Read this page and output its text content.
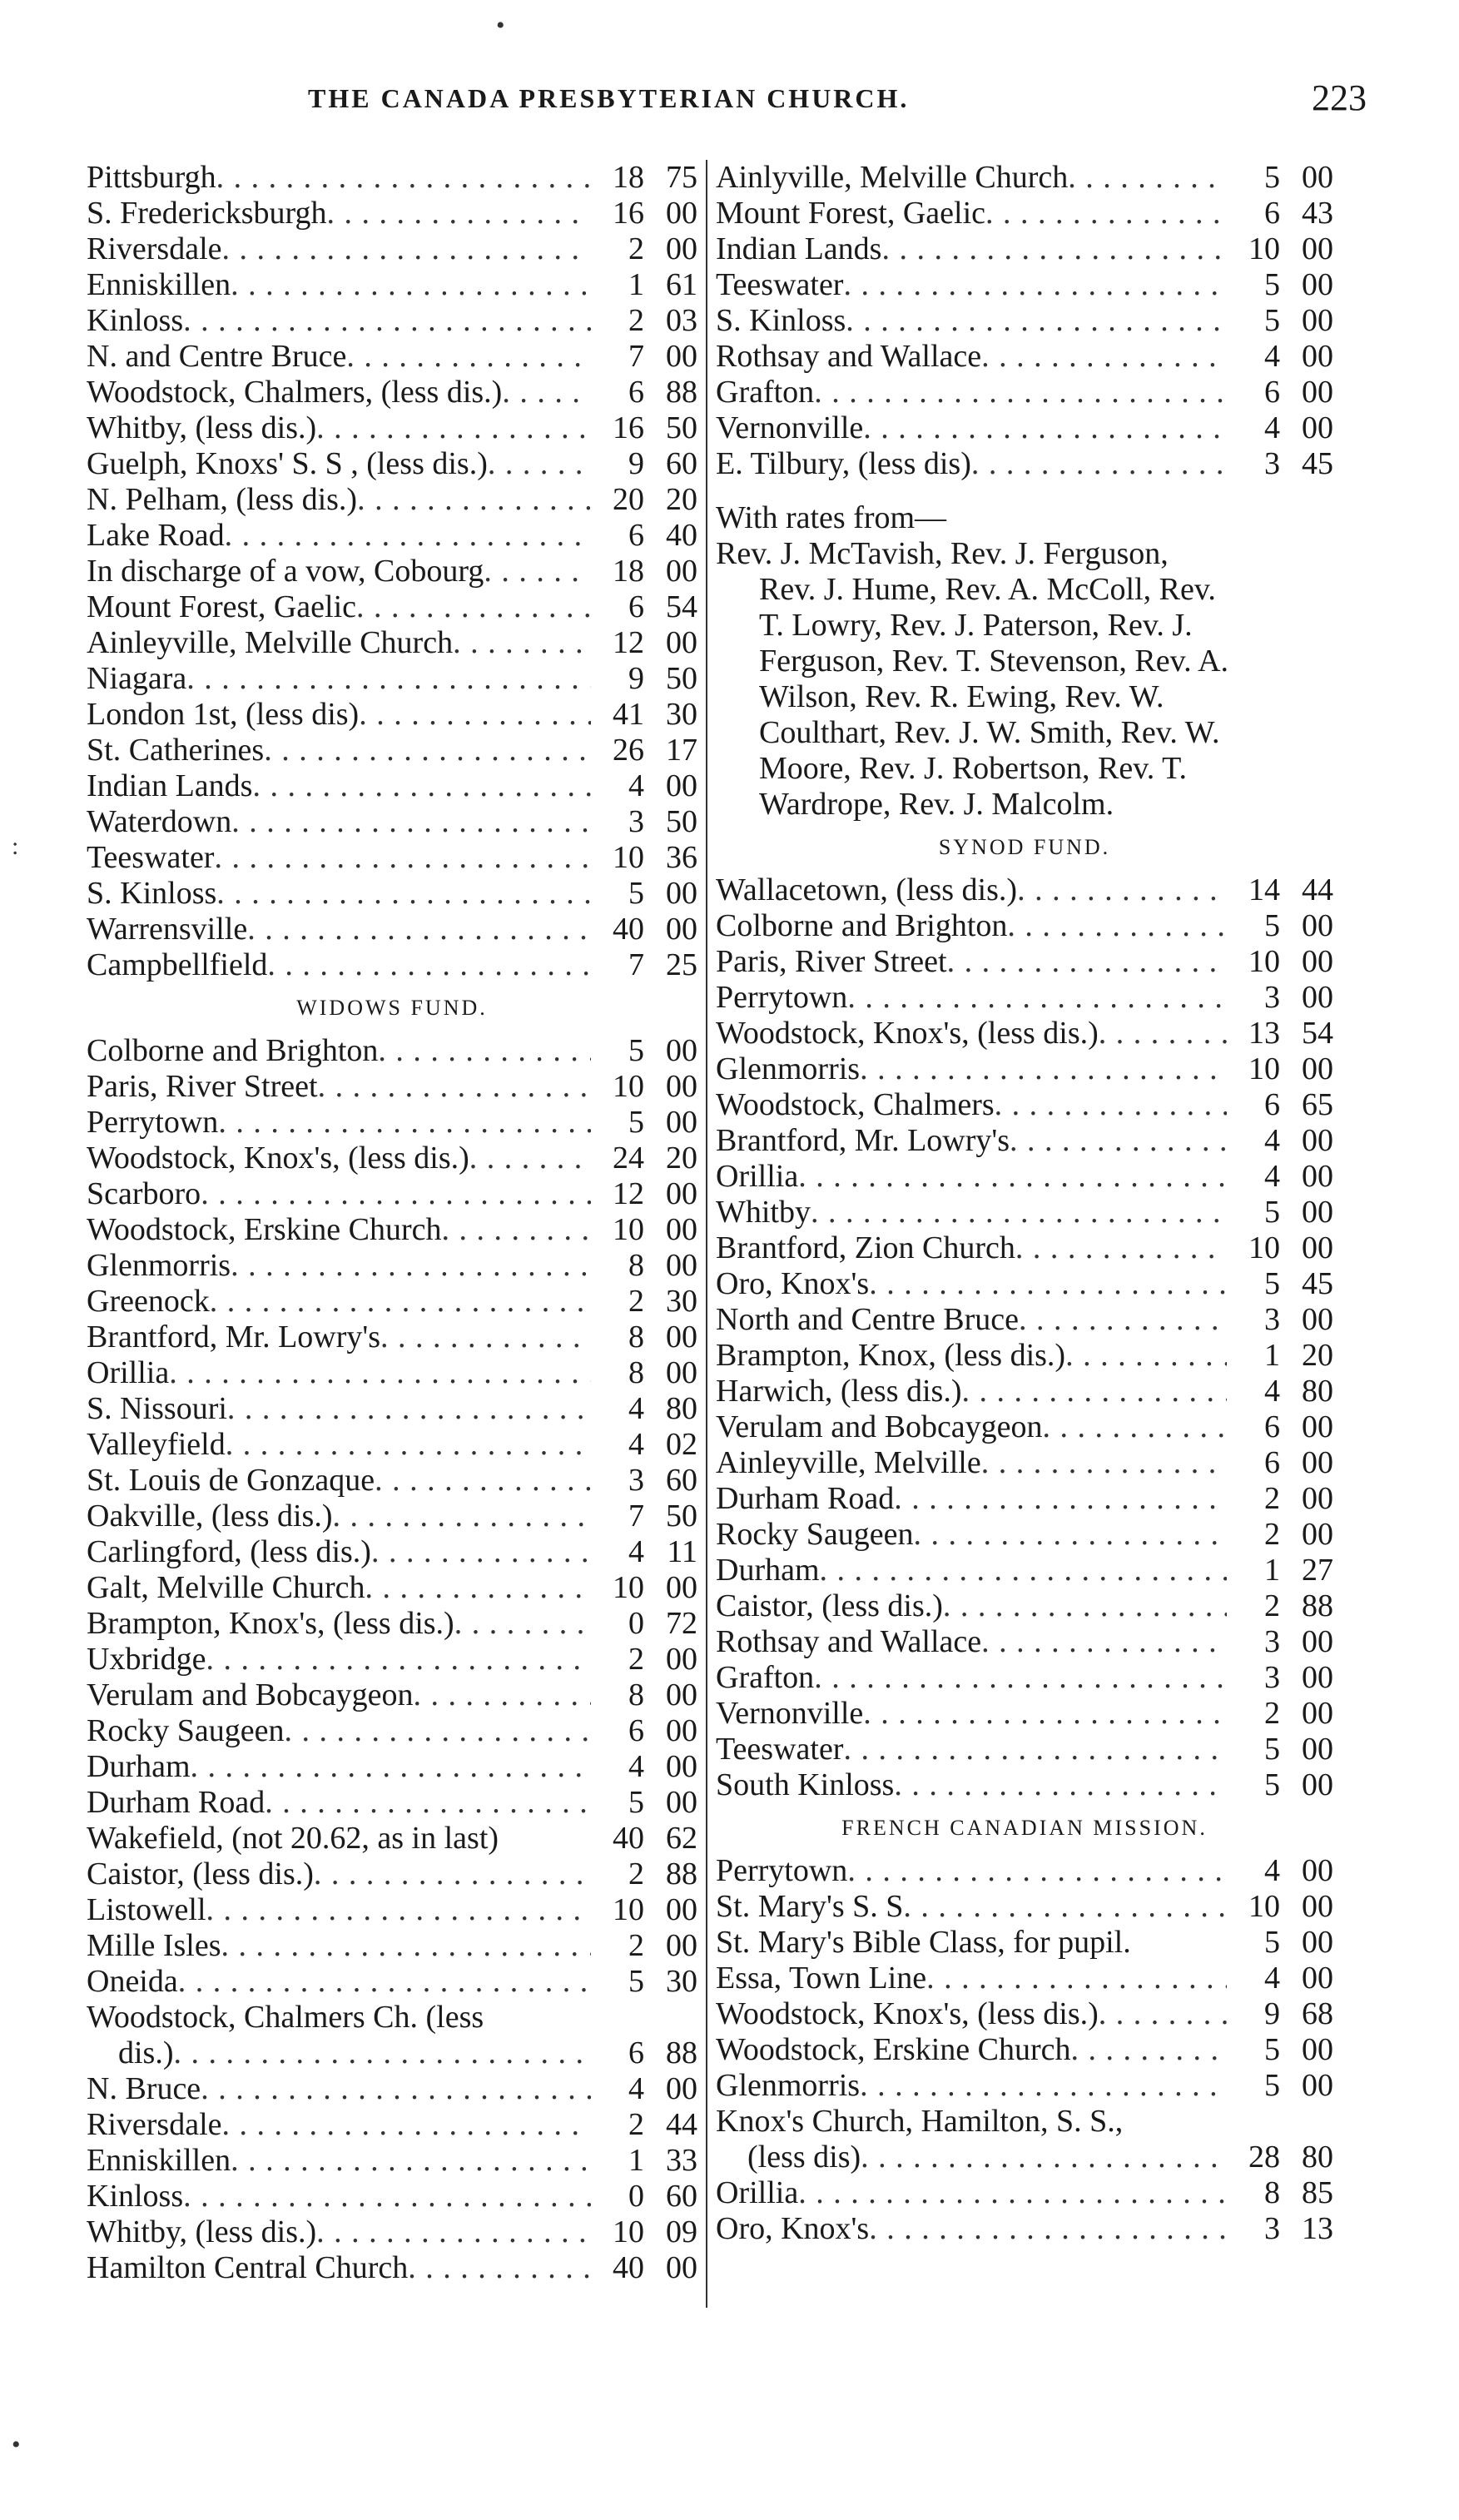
•
THE CANADA PRESBYTERIAN CHURCH.	223
Pittsburgh . . .	18 75
S. Fredericksburgh . . .	16 00
Riversdale . . .	2 00
Enniskillen . . .	1 61
Kinloss . . .	2 03
N. and Centre Bruce . . .	7 00
Woodstock, Chalmers, (less dis.) . . .	6 88
Whitby, (less dis.) . . .	16 50
Guelph, Knoxs' S. S , (less dis.) . . .	9 60
N. Pelham, (less dis.) . . .	20 20
Lake Road . . .	6 40
In discharge of a vow, Cobourg . . .	18 00
Mount Forest, Gaelic . . .	6 54
Ainleyville, Melville Church . . .	12 00
Niagara . . .	9 50
London 1st, (less dis) . . .	41 30
St. Catherines . . .	26 17
Indian Lands . . .	4 00
Waterdown . . .	3 50
Teeswater . . .	10 36
S. Kinloss . . .	5 00
Warrensville . . .	40 00
Campbellfield . . .	7 25
WIDOWS FUND.
Colborne and Brighton . . .	5 00
Paris, River Street . . .	10 00
Perrytown . . .	5 00
Woodstock, Knox's, (less dis.) . . .	24 20
Scarboro . . .	12 00
Woodstock, Erskine Church . . .	10 00
Glenmorris . . .	8 00
Greenock . . .	2 30
Brantford, Mr. Lowry's . . .	8 00
Orillia . . .	8 00
S. Nissouri . . .	4 80
Valleyfield . . .	4 02
St. Louis de Gonzaque . . .	3 60
Oakville, (less dis.) . . .	7 50
Carlingford, (less dis.) . . .	4 11
Galt, Melville Church . . .	10 00
Brampton, Knox's, (less dis.) . . .	0 72
Uxbridge . . .	2 00
Verulam and Bobcaygeon . . .	8 00
Rocky Saugeen . . .	6 00
Durham . . .	4 00
Durham Road . . .	5 00
Wakefield, (not 20.62, as in last)	40 62
Caistor, (less dis.) . . .	2 88
Listowell . . .	10 00
Mille Isles . . .	2 00
Oneida . . .	5 30
Woodstock, Chalmers Ch. (less
dis.) . . .	6 88
N. Bruce . . .	4 00
Riversdale . . .	2 44
Enniskillen . . .	1 33
Kinloss . . .	0 60
Whitby, (less dis.) . . .	10 09
Hamilton Central Church . . .	40 00
Ainlyville, Melville Church . . .	5 00
Mount Forest, Gaelic . . .	6 43
Indian Lands . . .	10 00
Teeswater . . .	5 00
S. Kinloss . . .	5 00
Rothsay and Wallace . . .	4 00
Grafton . . .	6 00
Vernonville . . .	4 00
E. Tilbury, (less dis) . . .	3 45
With rates from—
Rev. J. McTavish, Rev. J. Ferguson,
Rev. J. Hume, Rev. A. McColl, Rev.
T. Lowry, Rev. J. Paterson, Rev. J.
Ferguson, Rev. T. Stevenson, Rev. A.
Wilson, Rev. R. Ewing, Rev. W.
Coulthart, Rev. J. W. Smith, Rev. W.
Moore, Rev. J. Robertson, Rev. T.
Wardrope, Rev. J. Malcolm.
SYNOD FUND.
Wallacetown, (less dis.) . . .	14 44
Colborne and Brighton . . .	5 00
Paris, River Street . . .	10 00
Perrytown . . .	3 00
Woodstock, Knox's, (less dis.) . . .	13 54
Glenmorris . . .	10 00
Woodstock, Chalmers . . .	6 65
Brantford, Mr. Lowry's . . .	4 00
Orillia . . .	4 00
Whitby . . .	5 00
Brantford, Zion Church . . .	10 00
Oro, Knox's . . .	5 45
North and Centre Bruce . . .	3 00
Brampton, Knox, (less dis.) . . .	1 20
Harwich, (less dis.) . . .	4 80
Verulam and Bobcaygeon . . .	6 00
Ainleyville, Melville . . .	6 00
Durham Road . . .	2 00
Rocky Saugeen . . .	2 00
Durham . . .	1 27
Caistor, (less dis.) . . .	2 88
Rothsay and Wallace . . .	3 00
Grafton . . .	3 00
Vernonville . . .	2 00
Teeswater . . .	5 00
South Kinloss . . .	5 00
FRENCH CANADIAN MISSION.
Perrytown . . .	4 00
St. Mary's S. S . . .	10 00
St. Mary's Bible Class, for pupil.	5 00
Essa, Town Line . . .	4 00
Woodstock, Knox's, (less dis.) . . .	9 68
Woodstock, Erskine Church . . .	5 00
Glenmorris . . .	5 00
Knox's Church, Hamilton, S. S.,
(less dis) . . .	28 80
Orillia . . .	8 85
Oro, Knox's . . .	3 13
:
•
